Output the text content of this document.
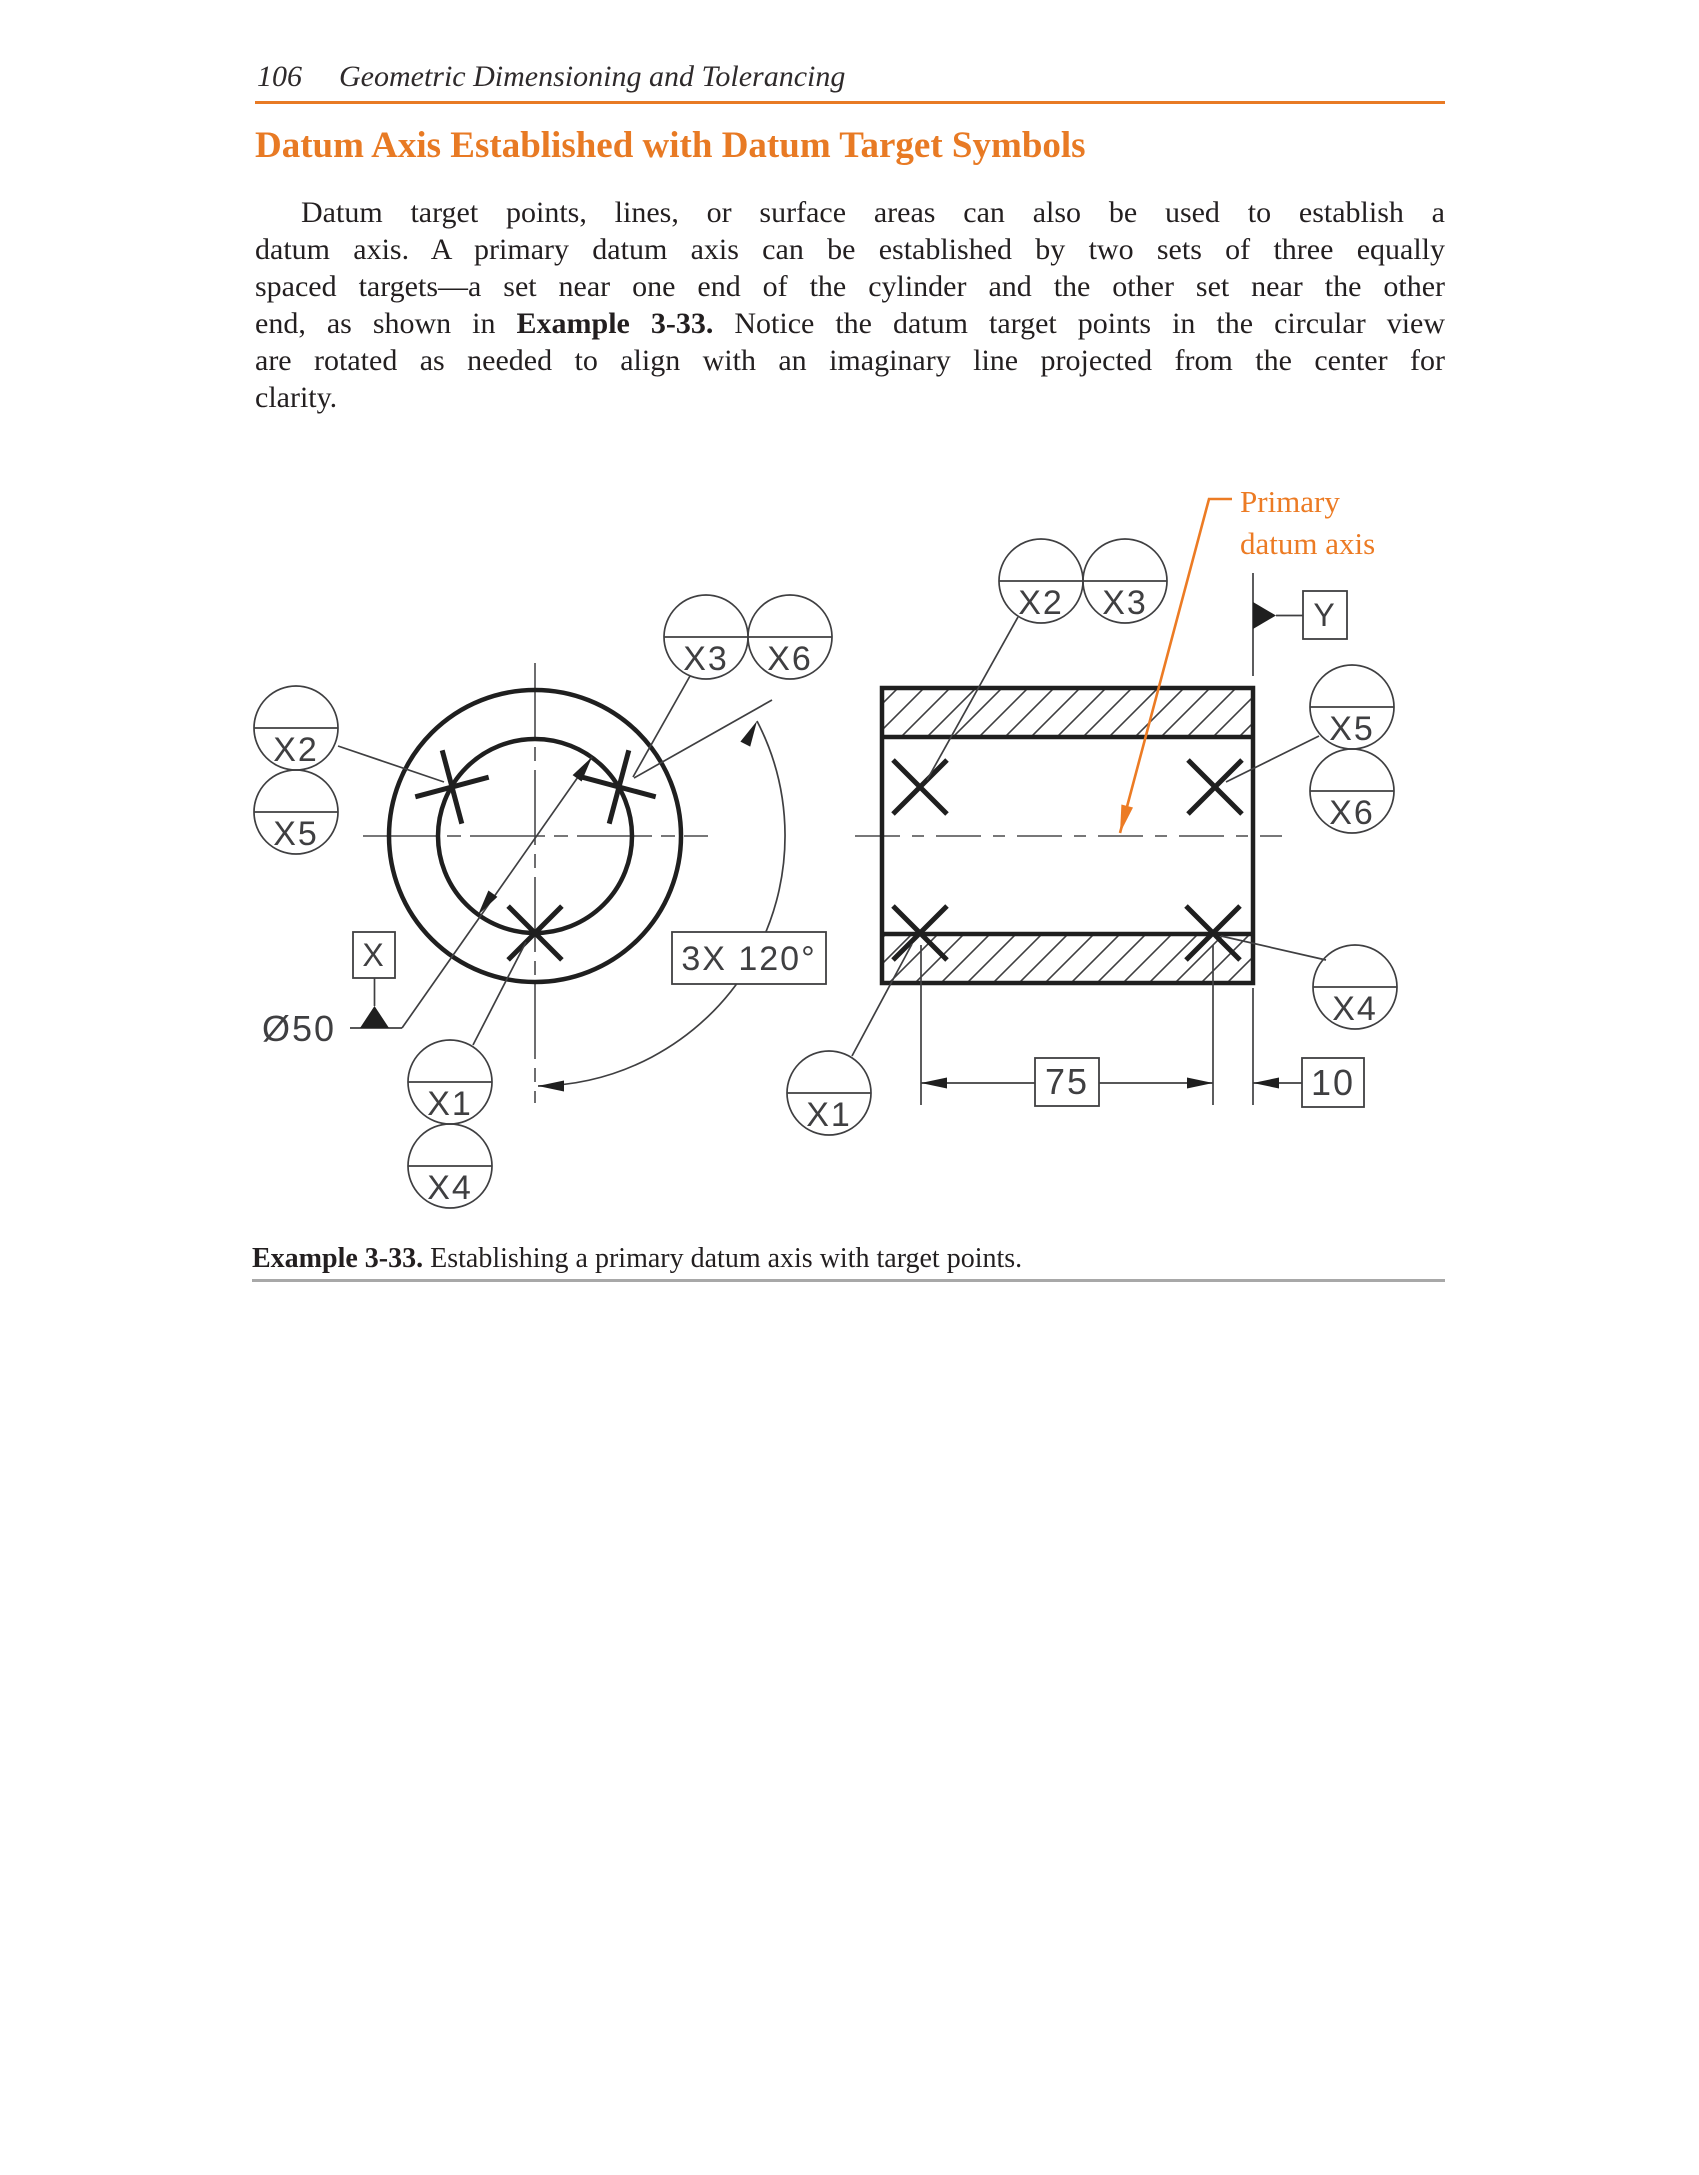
106 Geometric Dimensioning and Tolerancing
Datum Axis Established with Datum Target Symbols
Datum target points, lines, or surface areas can also be used to establish a
datum axis. A primary datum axis can be established by two sets of three equally
spaced targets—a set near one end of the cylinder and the other set near the other
end, as shown in Example 3-33. Notice the datum target points in the circular view
are rotated as needed to align with an imaginary line projected from the center for
clarity.
Ø50
X	3X 120°
X2
X5
X3 X6
X1
X4
75	10
Y
X2 X3
X5
X6
X4
X1
Primary
datum axis
Example 3-33. Establishing a primary datum axis with target points.
